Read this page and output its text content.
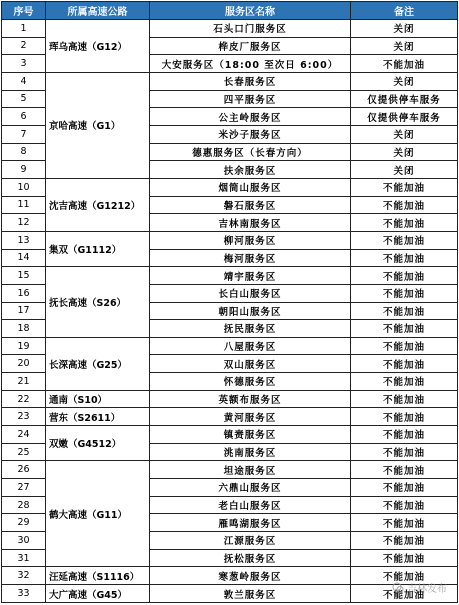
序号	所属高速公路	服务区名称	备注
1	珲乌高速（G12）	石头口门服务区	关闭
2		桦皮厂服务区	关闭
3		大安服务区（18:00 至次日 6:00）	不能加油
4	京哈高速（G1）	长春服务区	关闭
5		四平服务区	仅提供停车服务
6		公主岭服务区	仅提供停车服务
7		米沙子服务区	关闭
8		德惠服务区（长春方向）	关闭
9		扶余服务区	关闭
10	沈吉高速（G1212）	烟筒山服务区	不能加油
11		磐石服务区	不能加油
12		吉林南服务区	不能加油
13	集双（G1112）	柳河服务区	不能加油
14		梅河服务区	不能加油
15	抚长高速（S26）	靖宇服务区	不能加油
16		长白山服务区	不能加油
17		朝阳山服务区	不能加油
18		抚民服务区	不能加油
19	长深高速（G25）	八屋服务区	不能加油
20		双山服务区	不能加油
21		怀德服务区	不能加油
22	通南（S10）	英额布服务区	不能加油
23	营东（S2611）	黄河服务区	不能加油
24	双嫩（G4512）	镇赉服务区	不能加油
25		洮南服务区	不能加油
26	鹤大高速（G11）	坦途服务区	不能加油
27		六鼎山服务区	不能加油
28		老白山服务区	不能加油
29		雁鸣湖服务区	不能加油
30		江源服务区	不能加油
31		抚松服务区	不能加油
32	汪延高速（S1116）	寒葱岭服务区	不能加油
33	大广高速（G45）	敦兰服务区	不能加油
吉林发布
